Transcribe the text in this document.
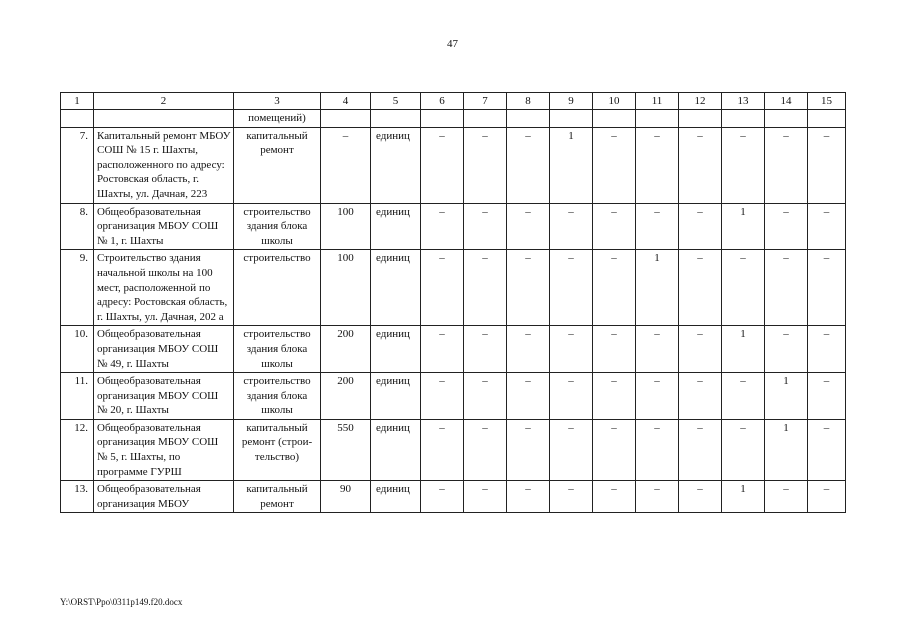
47
1	2	3	4	5	6	7	8	9	10	11	12	13	14	15
		помещений)												
7.	Капитальный ремонт МБОУ СОШ № 15 г. Шахты, расположенного по адресу: Ростовская область, г. Шахты, ул. Дачная, 223	капитальный ремонт	–	единиц	–	–	–	1	–	–	–	–	–	–
8.	Общеобразовательная организация МБОУ СОШ № 1, г. Шахты	строительство здания блока школы	100	единиц	–	–	–	–	–	–	–	1	–	–
9.	Строительство здания начальной школы на 100 мест, расположенной по адресу: Ростовская область, г. Шахты, ул. Дачная, 202 а	строительство	100	единиц	–	–	–	–	–	1	–	–	–	–
10.	Общеобразовательная организация МБОУ СОШ № 49, г. Шахты	строительство здания блока школы	200	единиц	–	–	–	–	–	–	–	1	–	–
11.	Общеобразовательная организация МБОУ СОШ № 20, г. Шахты	строительство здания блока школы	200	единиц	–	–	–	–	–	–	–	–	1	–
12.	Общеобразовательная организация МБОУ СОШ № 5, г. Шахты, по программе ГУРШ	капитальный ремонт (строи-тельство)	550	единиц	–	–	–	–	–	–	–	–	1	–
13.	Общеобразовательная организация МБОУ	капитальный ремонт	90	единиц	–	–	–	–	–	–	–	1	–	–
Y:\ORST\Ppo\0311p149.f20.docx
